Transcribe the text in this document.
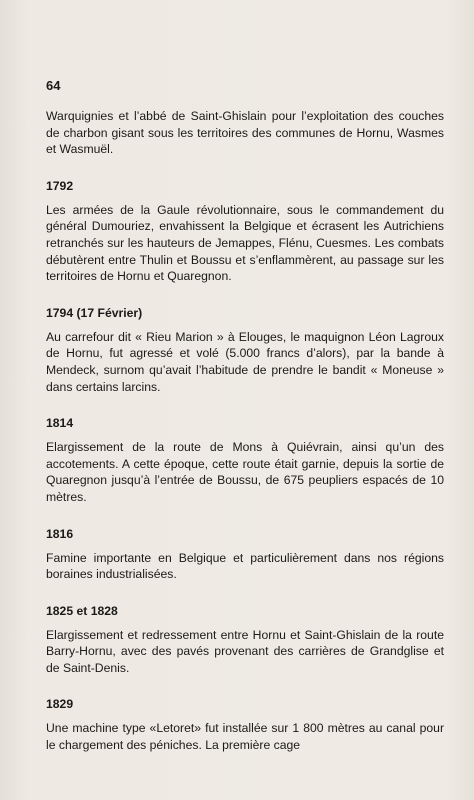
64

Warquignies et l’abbé de Saint-Ghislain pour l’exploitation des couches de charbon gisant sous les territoires des communes de Hornu, Wasmes et Wasmuël.

1792

Les armées de la Gaule révolutionnaire, sous le commandement du général Dumouriez, envahissent la Belgique et écrasent les Autrichiens retranchés sur les hauteurs de Jemappes, Flénu, Cuesmes. Les combats débutèrent entre Thulin et Boussu et s’enflammèrent, au passage sur les territoires de Hornu et Quaregnon.

1794 (17 Février)

Au carrefour dit « Rieu Marion » à Elouges, le maquignon Léon Lagroux de Hornu, fut agressé et volé (5.000 francs d’alors), par la bande à Mendeck, surnom qu’avait l’habitude de prendre le bandit « Moneuse » dans certains larcins.

1814

Elargissement de la route de Mons à Quiévrain, ainsi qu’un des accotements. A cette époque, cette route était garnie, depuis la sortie de Quaregnon jusqu’à l’entrée de Boussu, de 675 peupliers espacés de 10 mètres.

1816

Famine importante en Belgique et particulièrement dans nos régions boraines industrialisées.

1825 et 1828

Elargissement et redressement entre Hornu et Saint-Ghislain de la route Barry-Hornu, avec des pavés provenant des carrières de Grandglise et de Saint-Denis.

1829

Une machine type «Letoret» fut installée sur 1 800 mètres au canal pour le chargement des péniches. La première cage
